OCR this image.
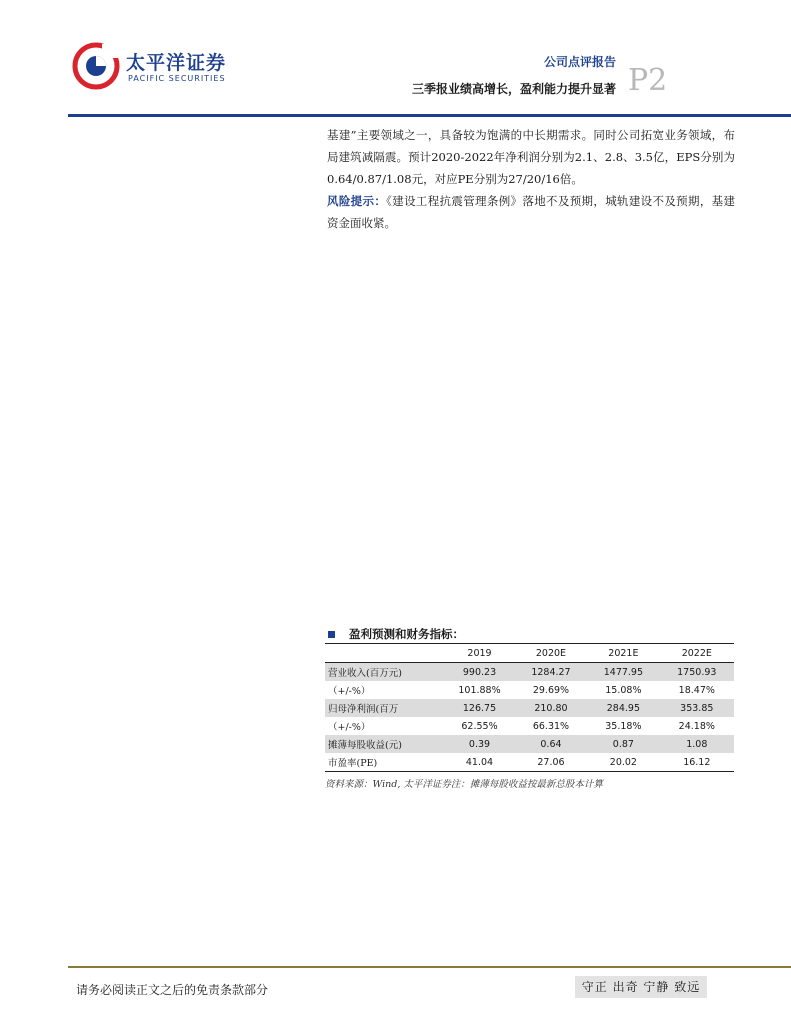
太平洋证券
PACIFIC SECURITIES
公司点评报告
P2
三季报业绩高增长，盈利能力提升显著

基建”主要领域之一，具备较为饱满的中长期需求。同时公司拓宽业务领域，布局建筑减隔震。预计2020-2022年净利润分别为2.1、2.8、3.5亿，EPS分别为0.64/0.87/1.08元，对应PE分别为27/20/16倍。

风险提示：《建设工程抗震管理条例》落地不及预期，城轨建设不及预期，基建资金面收紧。

盈利预测和财务指标：
	2019	2020E	2021E	2022E
营业收入(百万元)	990.23	1284.27	1477.95	1750.93
（+/-%）	101.88%	29.69%	15.08%	18.47%
归母净利润(百万	126.75	210.80	284.95	353.85
（+/-%）	62.55%	66.31%	35.18%	24.18%
摊薄每股收益(元)	0.39	0.64	0.87	1.08
市盈率(PE)	41.04	27.06	20.02	16.12
资料来源：Wind, 太平洋证券注：摊薄每股收益按最新总股本计算
请务必阅读正文之后的免责条款部分	守正 出奇 宁静 致远
